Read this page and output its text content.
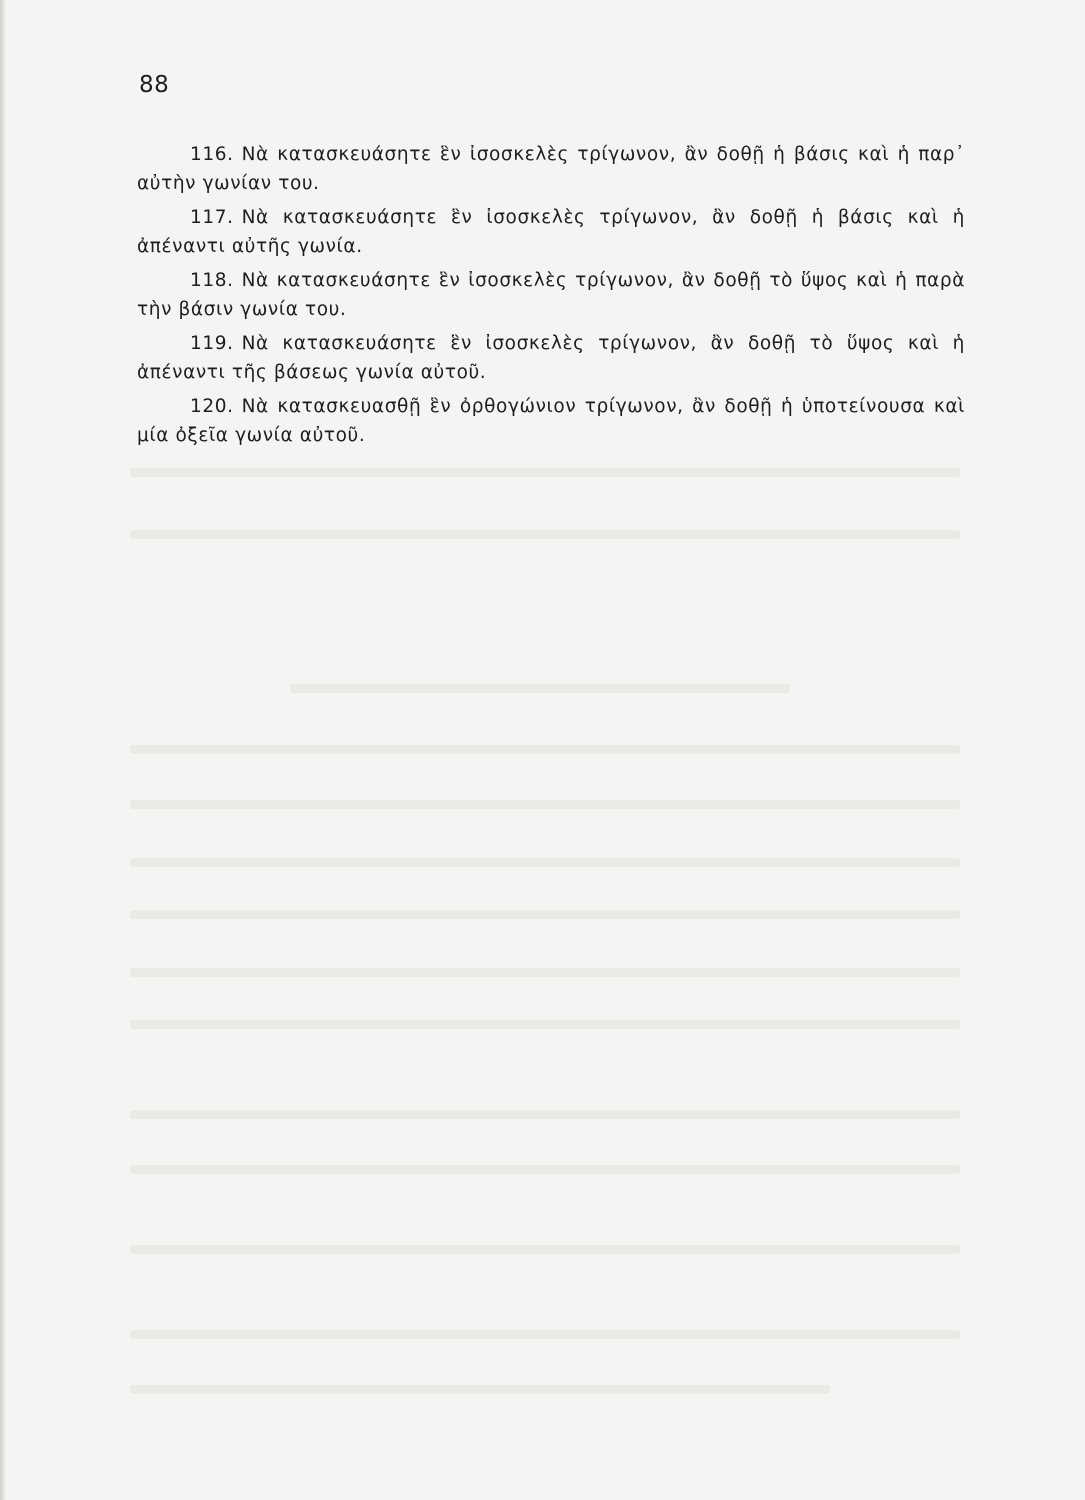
88

116. Νὰ κατασκευάσητε ἓν ἰσοσκελὲς τρίγωνον, ἂν δοθῇ ἡ βάσις καὶ ἡ παρ᾽ αὐτὴν γωνίαν του.

117. Νὰ κατασκευάσητε ἓν ἰσοσκελὲς τρίγωνον, ἂν δοθῇ ἡ βάσις καὶ ἡ ἀπέναντι αὐτῆς γωνία.

118. Νὰ κατασκευάσητε ἓν ἰσοσκελὲς τρίγωνον, ἂν δοθῇ τὸ ὕψος καὶ ἡ παρὰ τὴν βάσιν γωνία του.

119. Νὰ κατασκευάσητε ἓν ἰσοσκελὲς τρίγωνον, ἂν δοθῇ τὸ ὕψος καὶ ἡ ἀπέναντι τῆς βάσεως γωνία αὐτοῦ.

120. Νὰ κατασκευασθῇ ἓν ὀρθογώνιον τρίγωνον, ἂν δοθῇ ἡ ὑποτείνουσα καὶ μία ὀξεῖα γωνία αὐτοῦ.
